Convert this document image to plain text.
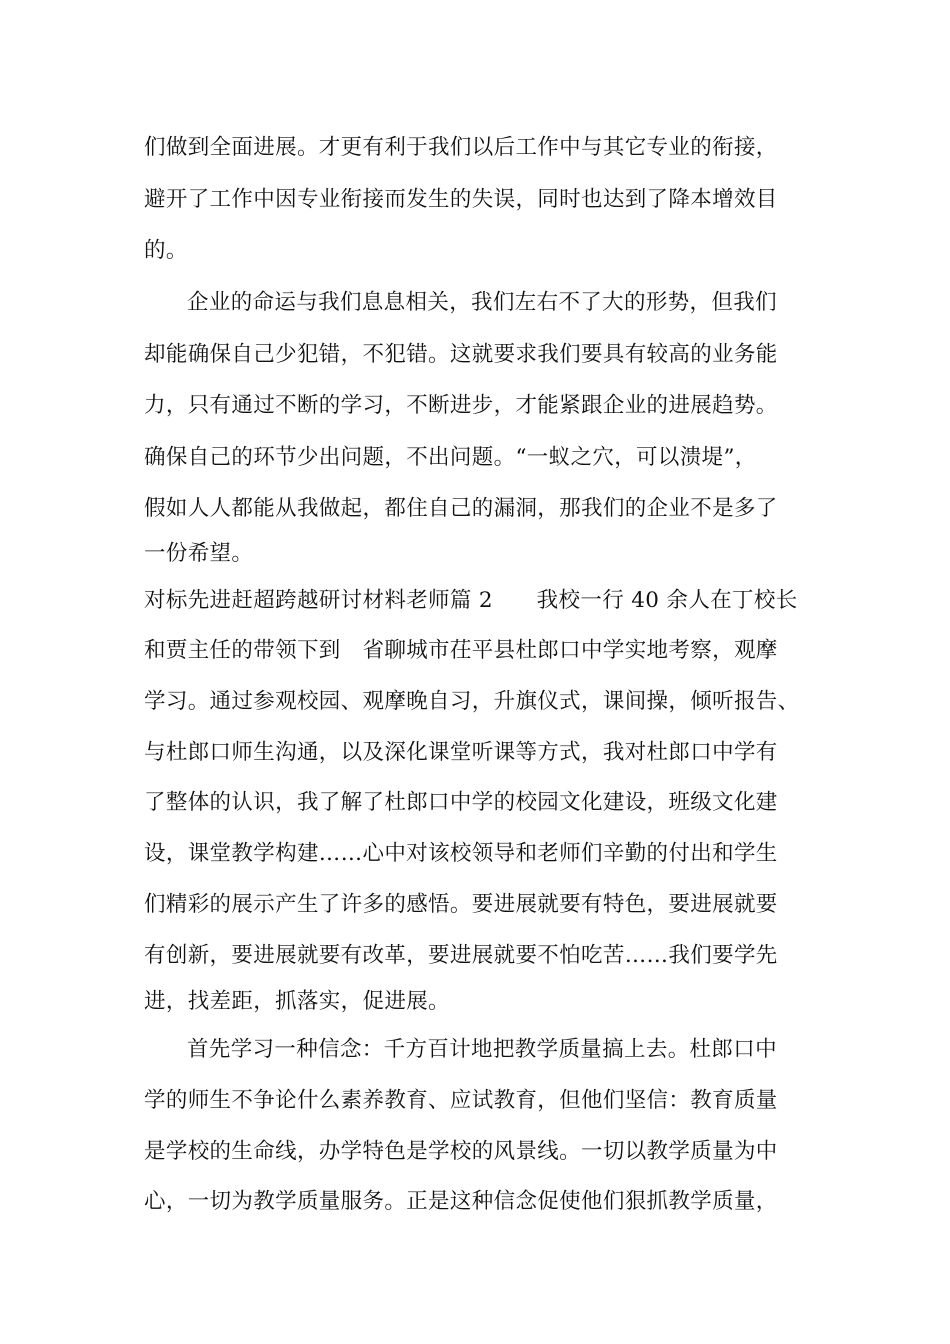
们做到全面进展。才更有利于我们以后工作中与其它专业的衔接，
避开了工作中因专业衔接而发生的失误，同时也达到了降本增效目
的。
企业的命运与我们息息相关，我们左右不了大的形势，但我们
却能确保自己少犯错，不犯错。这就要求我们要具有较高的业务能
力，只有通过不断的学习，不断进步，才能紧跟企业的进展趋势。
确保自己的环节少出问题，不出问题。“一蚁之穴，可以溃堤”，
假如人人都能从我做起，都住自己的漏洞，那我们的企业不是多了
一份希望。
对标先进赶超跨越研讨材料老师篇 2　　我校一行 40 余人在丁校长
和贾主任的带领下到　省聊城市茌平县杜郎口中学实地考察，观摩
学习。通过参观校园、观摩晚自习，升旗仪式，课间操，倾听报告、
与杜郎口师生沟通，以及深化课堂听课等方式，我对杜郎口中学有
了整体的认识，我了解了杜郎口中学的校园文化建设，班级文化建
设，课堂教学构建……心中对该校领导和老师们辛勤的付出和学生
们精彩的展示产生了许多的感悟。要进展就要有特色，要进展就要
有创新，要进展就要有改革，要进展就要不怕吃苦……我们要学先
进，找差距，抓落实，促进展。
首先学习一种信念：千方百计地把教学质量搞上去。杜郎口中
学的师生不争论什么素养教育、应试教育，但他们坚信：教育质量
是学校的生命线，办学特色是学校的风景线。一切以教学质量为中
心，一切为教学质量服务。正是这种信念促使他们狠抓教学质量，
